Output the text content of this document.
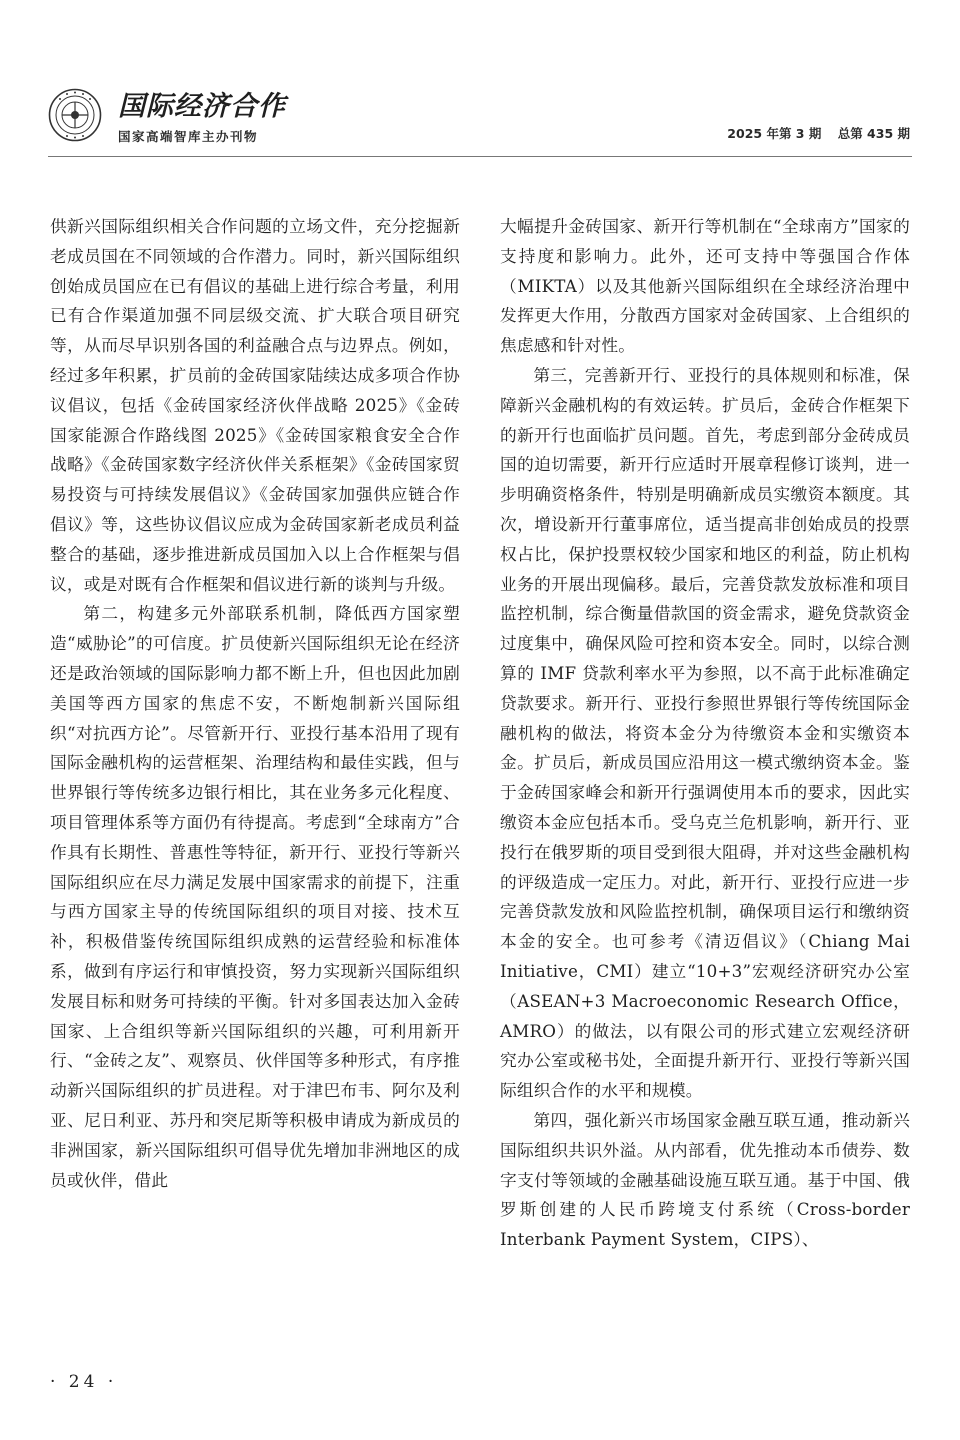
国际经济合作
国家高端智库主办刊物	2025 年第 3 期 总第 435 期

供新兴国际组织相关合作问题的立场文件，充分挖掘新老成员国在不同领域的合作潜力。同时，新兴国际组织创始成员国应在已有倡议的基础上进行综合考量，利用已有合作渠道加强不同层级交流、扩大联合项目研究等，从而尽早识别各国的利益融合点与边界点。例如，经过多年积累，扩员前的金砖国家陆续达成多项合作协议倡议，包括《金砖国家经济伙伴战略 2025》《金砖国家能源合作路线图 2025》《金砖国家粮食安全合作战略》《金砖国家数字经济伙伴关系框架》《金砖国家贸易投资与可持续发展倡议》《金砖国家加强供应链合作倡议》等，这些协议倡议应成为金砖国家新老成员利益整合的基础，逐步推进新成员国加入以上合作框架与倡议，或是对既有合作框架和倡议进行新的谈判与升级。

第二，构建多元外部联系机制，降低西方国家塑造“威胁论”的可信度。扩员使新兴国际组织无论在经济还是政治领域的国际影响力都不断上升，但也因此加剧美国等西方国家的焦虑不安，不断炮制新兴国际组织“对抗西方论”。尽管新开行、亚投行基本沿用了现有国际金融机构的运营框架、治理结构和最佳实践，但与世界银行等传统多边银行相比，其在业务多元化程度、项目管理体系等方面仍有待提高。考虑到“全球南方”合作具有长期性、普惠性等特征，新开行、亚投行等新兴国际组织应在尽力满足发展中国家需求的前提下，注重与西方国家主导的传统国际组织的项目对接、技术互补，积极借鉴传统国际组织成熟的运营经验和标准体系，做到有序运行和审慎投资，努力实现新兴国际组织发展目标和财务可持续的平衡。针对多国表达加入金砖国家、上合组织等新兴国际组织的兴趣，可利用新开行、“金砖之友”、观察员、伙伴国等多种形式，有序推动新兴国际组织的扩员进程。对于津巴布韦、阿尔及利亚、尼日利亚、苏丹和突尼斯等积极申请成为新成员的非洲国家，新兴国际组织可倡导优先增加非洲地区的成员或伙伴，借此

大幅提升金砖国家、新开行等机制在“全球南方”国家的支持度和影响力。此外，还可支持中等强国合作体（MIKTA）以及其他新兴国际组织在全球经济治理中发挥更大作用，分散西方国家对金砖国家、上合组织的焦虑感和针对性。

第三，完善新开行、亚投行的具体规则和标准，保障新兴金融机构的有效运转。扩员后，金砖合作框架下的新开行也面临扩员问题。首先，考虑到部分金砖成员国的迫切需要，新开行应适时开展章程修订谈判，进一步明确资格条件，特别是明确新成员实缴资本额度。其次，增设新开行董事席位，适当提高非创始成员的投票权占比，保护投票权较少国家和地区的利益，防止机构业务的开展出现偏移。最后，完善贷款发放标准和项目监控机制，综合衡量借款国的资金需求，避免贷款资金过度集中，确保风险可控和资本安全。同时，以综合测算的 IMF 贷款利率水平为参照，以不高于此标准确定贷款要求。新开行、亚投行参照世界银行等传统国际金融机构的做法，将资本金分为待缴资本金和实缴资本金。扩员后，新成员国应沿用这一模式缴纳资本金。鉴于金砖国家峰会和新开行强调使用本币的要求，因此实缴资本金应包括本币。受乌克兰危机影响，新开行、亚投行在俄罗斯的项目受到很大阻碍，并对这些金融机构的评级造成一定压力。对此，新开行、亚投行应进一步完善贷款发放和风险监控机制，确保项目运行和缴纳资本金的安全。也可参考《清迈倡议》（Chiang Mai Initiative，CMI）建立“10+3”宏观经济研究办公室（ASEAN+3 Macroeconomic Research Office，AMRO）的做法，以有限公司的形式建立宏观经济研究办公室或秘书处，全面提升新开行、亚投行等新兴国际组织合作的水平和规模。

第四，强化新兴市场国家金融互联互通，推动新兴国际组织共识外溢。从内部看，优先推动本币债券、数字支付等领域的金融基础设施互联互通。基于中国、俄罗斯创建的人民币跨境支付系统（Cross-border Interbank Payment System，CIPS）、

· 24 ·
